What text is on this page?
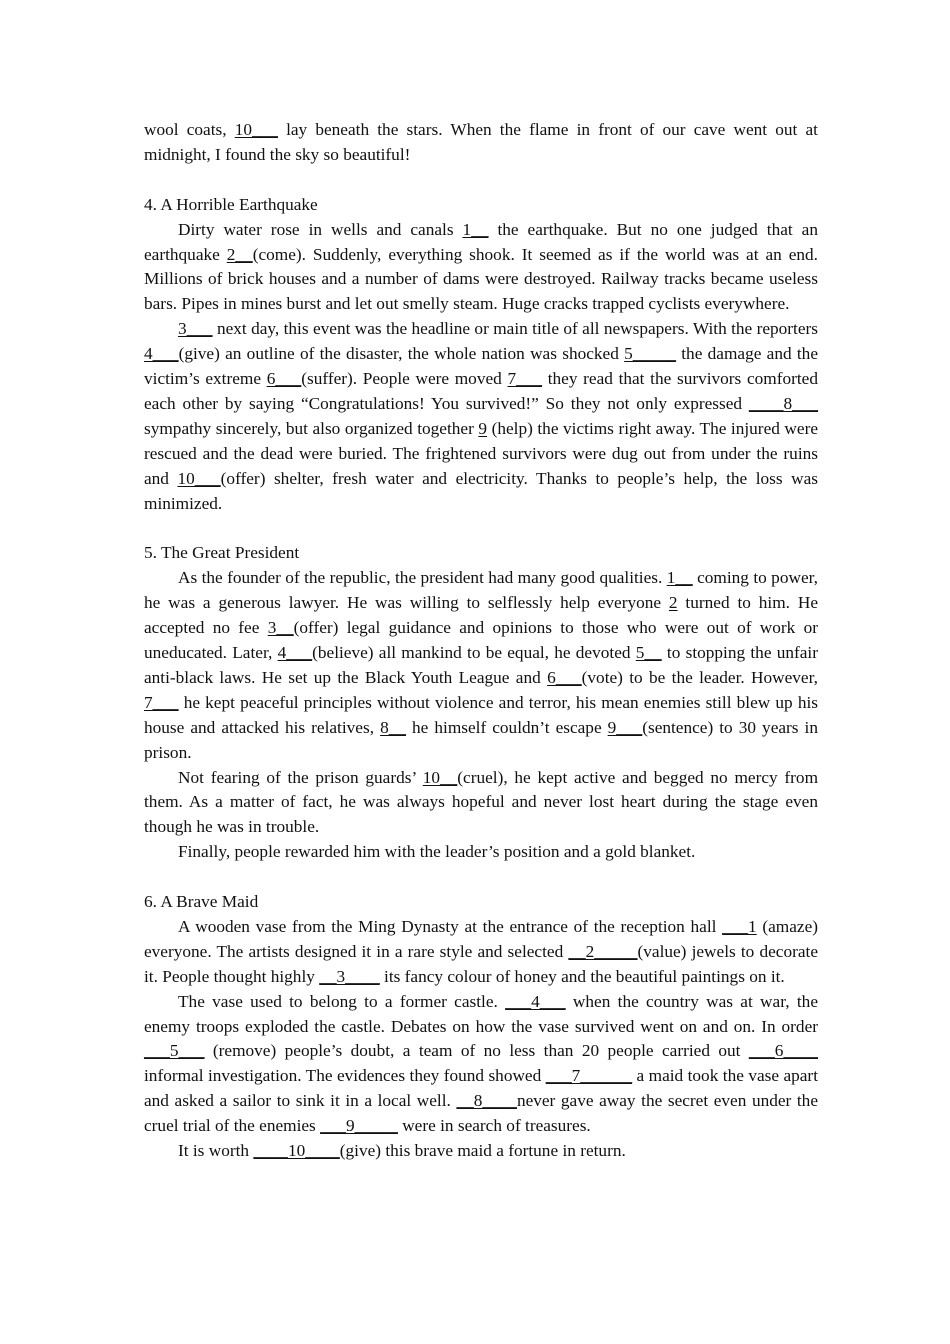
wool coats, 10___ lay beneath the stars. When the flame in front of our cave went out at midnight, I found the sky so beautiful!

4. A Horrible Earthquake

Dirty water rose in wells and canals 1__ the earthquake. But no one judged that an earthquake 2__(come). Suddenly, everything shook. It seemed as if the world was at an end. Millions of brick houses and a number of dams were destroyed. Railway tracks became useless bars. Pipes in mines burst and let out smelly steam. Huge cracks trapped cyclists everywhere.

3___ next day, this event was the headline or main title of all newspapers. With the reporters 4___(give) an outline of the disaster, the whole nation was shocked 5_____ the damage and the victim’s extreme 6___(suffer). People were moved 7___ they read that the survivors comforted each other by saying “Congratulations! You survived!” So they not only expressed ____8___ sympathy sincerely, but also organized together 9 (help) the victims right away. The injured were rescued and the dead were buried. The frightened survivors were dug out from under the ruins and 10___(offer) shelter, fresh water and electricity. Thanks to people’s help, the loss was minimized.

5. The Great President

As the founder of the republic, the president had many good qualities. 1__ coming to power, he was a generous lawyer. He was willing to selflessly help everyone 2 turned to him. He accepted no fee 3__(offer) legal guidance and opinions to those who were out of work or uneducated. Later, 4___(believe) all mankind to be equal, he devoted 5__ to stopping the unfair anti-black laws. He set up the Black Youth League and 6___(vote) to be the leader. However, 7___ he kept peaceful principles without violence and terror, his mean enemies still blew up his house and attacked his relatives, 8__ he himself couldn’t escape 9___(sentence) to 30 years in prison.

Not fearing of the prison guards’ 10__(cruel), he kept active and begged no mercy from them. As a matter of fact, he was always hopeful and never lost heart during the stage even though he was in trouble.

Finally, people rewarded him with the leader’s position and a gold blanket.

6. A Brave Maid

A wooden vase from the Ming Dynasty at the entrance of the reception hall ___1 (amaze) everyone. The artists designed it in a rare style and selected __2_____(value) jewels to decorate it. People thought highly __3____ its fancy colour of honey and the beautiful paintings on it.

The vase used to belong to a former castle. ___4___ when the country was at war, the enemy troops exploded the castle. Debates on how the vase survived went on and on. In order ___5___ (remove) people’s doubt, a team of no less than 20 people carried out ___6____ informal investigation. The evidences they found showed ___7______ a maid took the vase apart and asked a sailor to sink it in a local well. __8____never gave away the secret even under the cruel trial of the enemies ___9_____ were in search of treasures.

It is worth ____10____(give) this brave maid a fortune in return.
